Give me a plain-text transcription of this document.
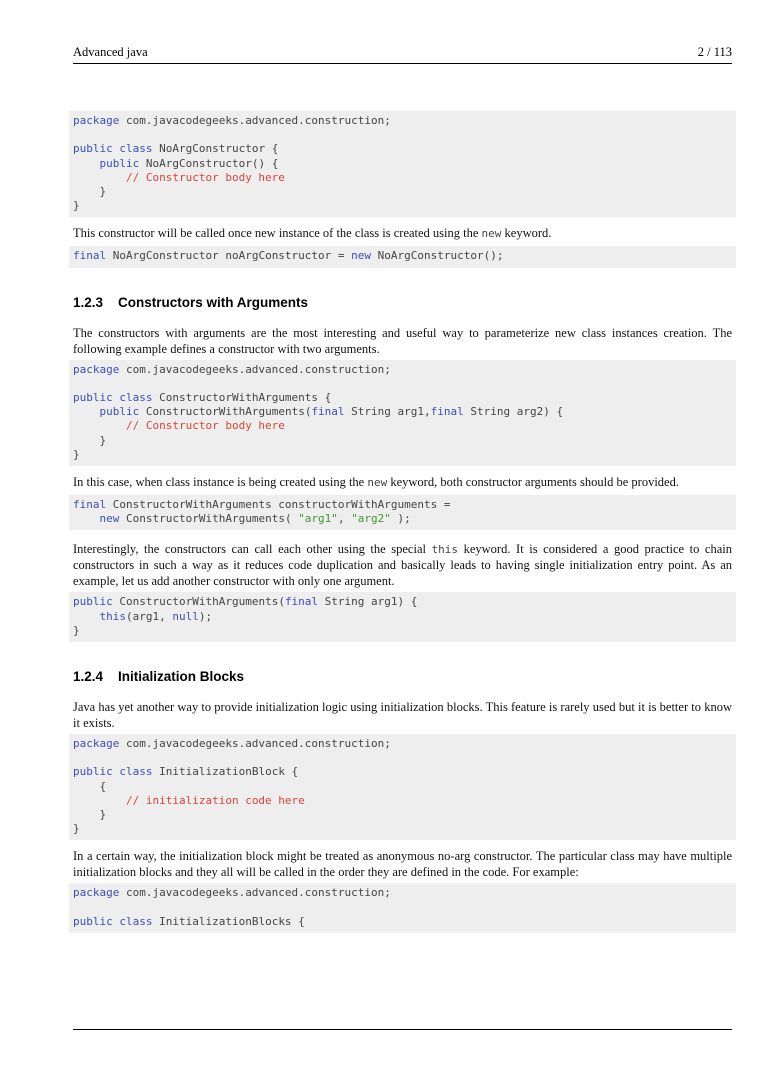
Advanced java	2 / 113
package com.javacodegeeks.advanced.construction;
public class NoArgConstructor {
public NoArgConstructor() {
// Constructor body here
}
}

This constructor will be called once new instance of the class is created using the new keyword.

final NoArgConstructor noArgConstructor = new NoArgConstructor();
1.2.3 Constructors with Arguments

The constructors with arguments are the most interesting and useful way to parameterize new class instances creation. The following example defines a constructor with two arguments.

package com.javacodegeeks.advanced.construction;
public class ConstructorWithArguments {
public ConstructorWithArguments(final String arg1,final String arg2) {
// Constructor body here
}
}

In this case, when class instance is being created using the new keyword, both constructor arguments should be provided.

final ConstructorWithArguments constructorWithArguments =
new ConstructorWithArguments( "arg1", "arg2" );

Interestingly, the constructors can call each other using the special this keyword. It is considered a good practice to chain constructors in such a way as it reduces code duplication and basically leads to having single initialization entry point. As an example, let us add another constructor with only one argument.

public ConstructorWithArguments(final String arg1) {
this(arg1, null);
}
1.2.4 Initialization Blocks

Java has yet another way to provide initialization logic using initialization blocks. This feature is rarely used but it is better to know it exists.

package com.javacodegeeks.advanced.construction;
public class InitializationBlock {
{
// initialization code here
}
}

In a certain way, the initialization block might be treated as anonymous no-arg constructor. The particular class may have multiple initialization blocks and they all will be called in the order they are defined in the code. For example:

package com.javacodegeeks.advanced.construction;
public class InitializationBlocks {
